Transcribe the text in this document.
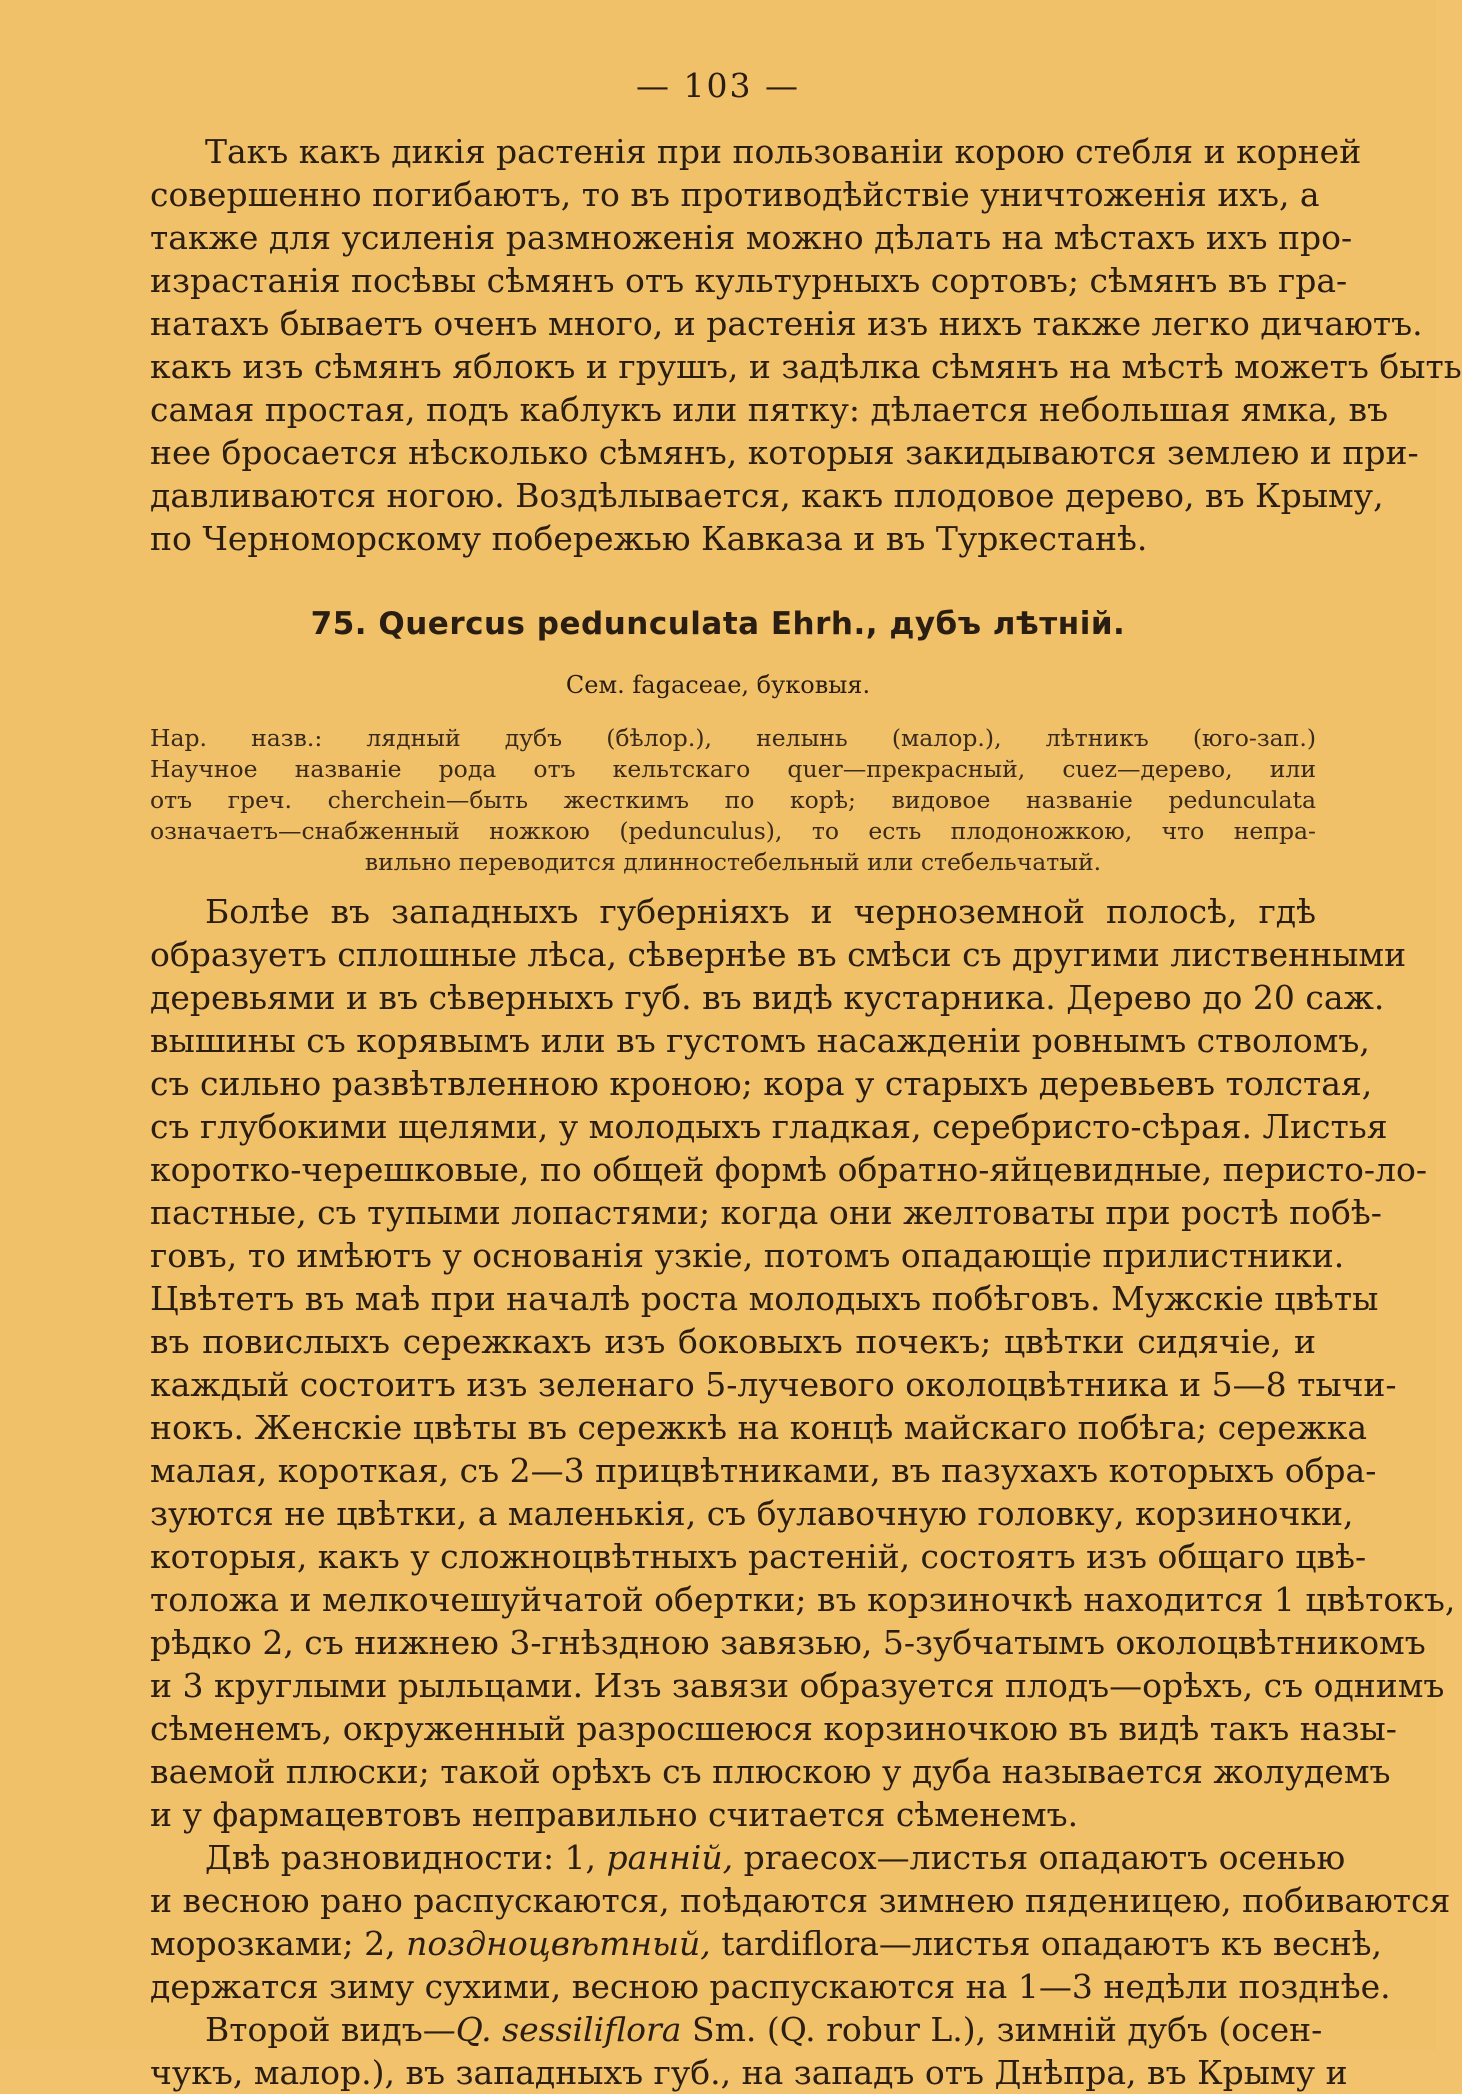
— 103 —
Такъ какъ дикія растенія при пользованіи корою стебля и корней
совершенно погибаютъ, то въ противодѣйствіе уничтоженія ихъ, а
также для усиленія размноженія можно дѣлать на мѣстахъ ихъ про-
израстанія посѣвы сѣмянъ отъ культурныхъ сортовъ; сѣмянъ въ гра-
натахъ бываетъ оченъ много, и растенія изъ нихъ также легко дичаютъ.
какъ изъ сѣмянъ яблокъ и грушъ, и задѣлка сѣмянъ на мѣстѣ можетъ быть
самая простая, подъ каблукъ или пятку: дѣлается небольшая ямка, въ
нее бросается нѣсколько сѣмянъ, которыя закидываются землею и при-
давливаются ногою. Воздѣлывается, какъ плодовое дерево, въ Крыму,
по Черноморскому побережью Кавказа и въ Туркестанѣ.
75. Quercus pedunculata Ehrh., дубъ лѣтній.
Сем. fagaceae, буковыя.
Нар. назв.: лядный дубъ (бѣлор.), нелынь (малор.), лѣтникъ (юго-зап.)
Научное названіе рода отъ кельтскаго quer—прекрасный, cuez—дерево, или
отъ греч. chercheіn—быть жесткимъ по корѣ; видовое названіе pedunculata
означаетъ—снабженный ножкою (pedunculus), то есть плодоножкою, что непра-
вильно переводится длинностебельный или стебельчатый.
Болѣе въ западныхъ губерніяхъ и черноземной полосѣ, гдѣ
образуетъ сплошные лѣса, сѣвернѣе въ смѣси съ другими лиственными
деревьями и въ сѣверныхъ губ. въ видѣ кустарника. Дерево до 20 саж.
вышины съ корявымъ или въ густомъ насажденіи ровнымъ стволомъ,
съ сильно развѣтвленною кроною; кора у старыхъ деревьевъ толстая,
съ глубокими щелями, у молодыхъ гладкая, серебристо-сѣрая. Листья
коротко-черешковые, по общей формѣ обратно-яйцевидные, перисто-ло-
пастные, съ тупыми лопастями; когда они желтоваты при ростѣ побѣ-
говъ, то имѣютъ у основанія узкіе, потомъ опадающіе прилистники.
Цвѣтетъ въ маѣ при началѣ роста молодыхъ побѣговъ. Мужскіе цвѣты
въ повислыхъ сережкахъ изъ боковыхъ почекъ; цвѣтки сидячіе, и
каждый состоитъ изъ зеленаго 5-лучевого околоцвѣтника и 5—8 тычи-
нокъ. Женскіе цвѣты въ сережкѣ на концѣ майскаго побѣга; сережка
малая, короткая, съ 2—3 прицвѣтниками, въ пазухахъ которыхъ обра-
зуются не цвѣтки, а маленькія, съ булавочную головку, корзиночки,
которыя, какъ у сложноцвѣтныхъ растеній, состоятъ изъ общаго цвѣ-
толожа и мелкочешуйчатой обертки; въ корзиночкѣ находится 1 цвѣтокъ,
рѣдко 2, съ нижнею 3-гнѣздною завязью, 5-зубчатымъ околоцвѣтникомъ
и 3 круглыми рыльцами. Изъ завязи образуется плодъ—орѣхъ, съ однимъ
сѣменемъ, окруженный разросшеюся корзиночкою въ видѣ такъ назы-
ваемой плюски; такой орѣхъ съ плюскою у дуба называется жолудемъ
и у фармацевтовъ неправильно считается сѣменемъ.
Двѣ разновидности: 1, ранній, praecox—листья опадаютъ осенью
и весною рано распускаются, поѣдаются зимнею пяденицею, побиваются
морозками; 2, поздноцвѣтный, tardiflora—листья опадаютъ къ веснѣ,
держатся зиму сухими, весною распускаются на 1—3 недѣли позднѣе.
Второй видъ—Q. sessiliflora Sm. (Q. robur L.), зимній дубъ (осен-
чукъ, малор.), въ западныхъ губ., на западъ отъ Днѣпра, въ Крыму и
